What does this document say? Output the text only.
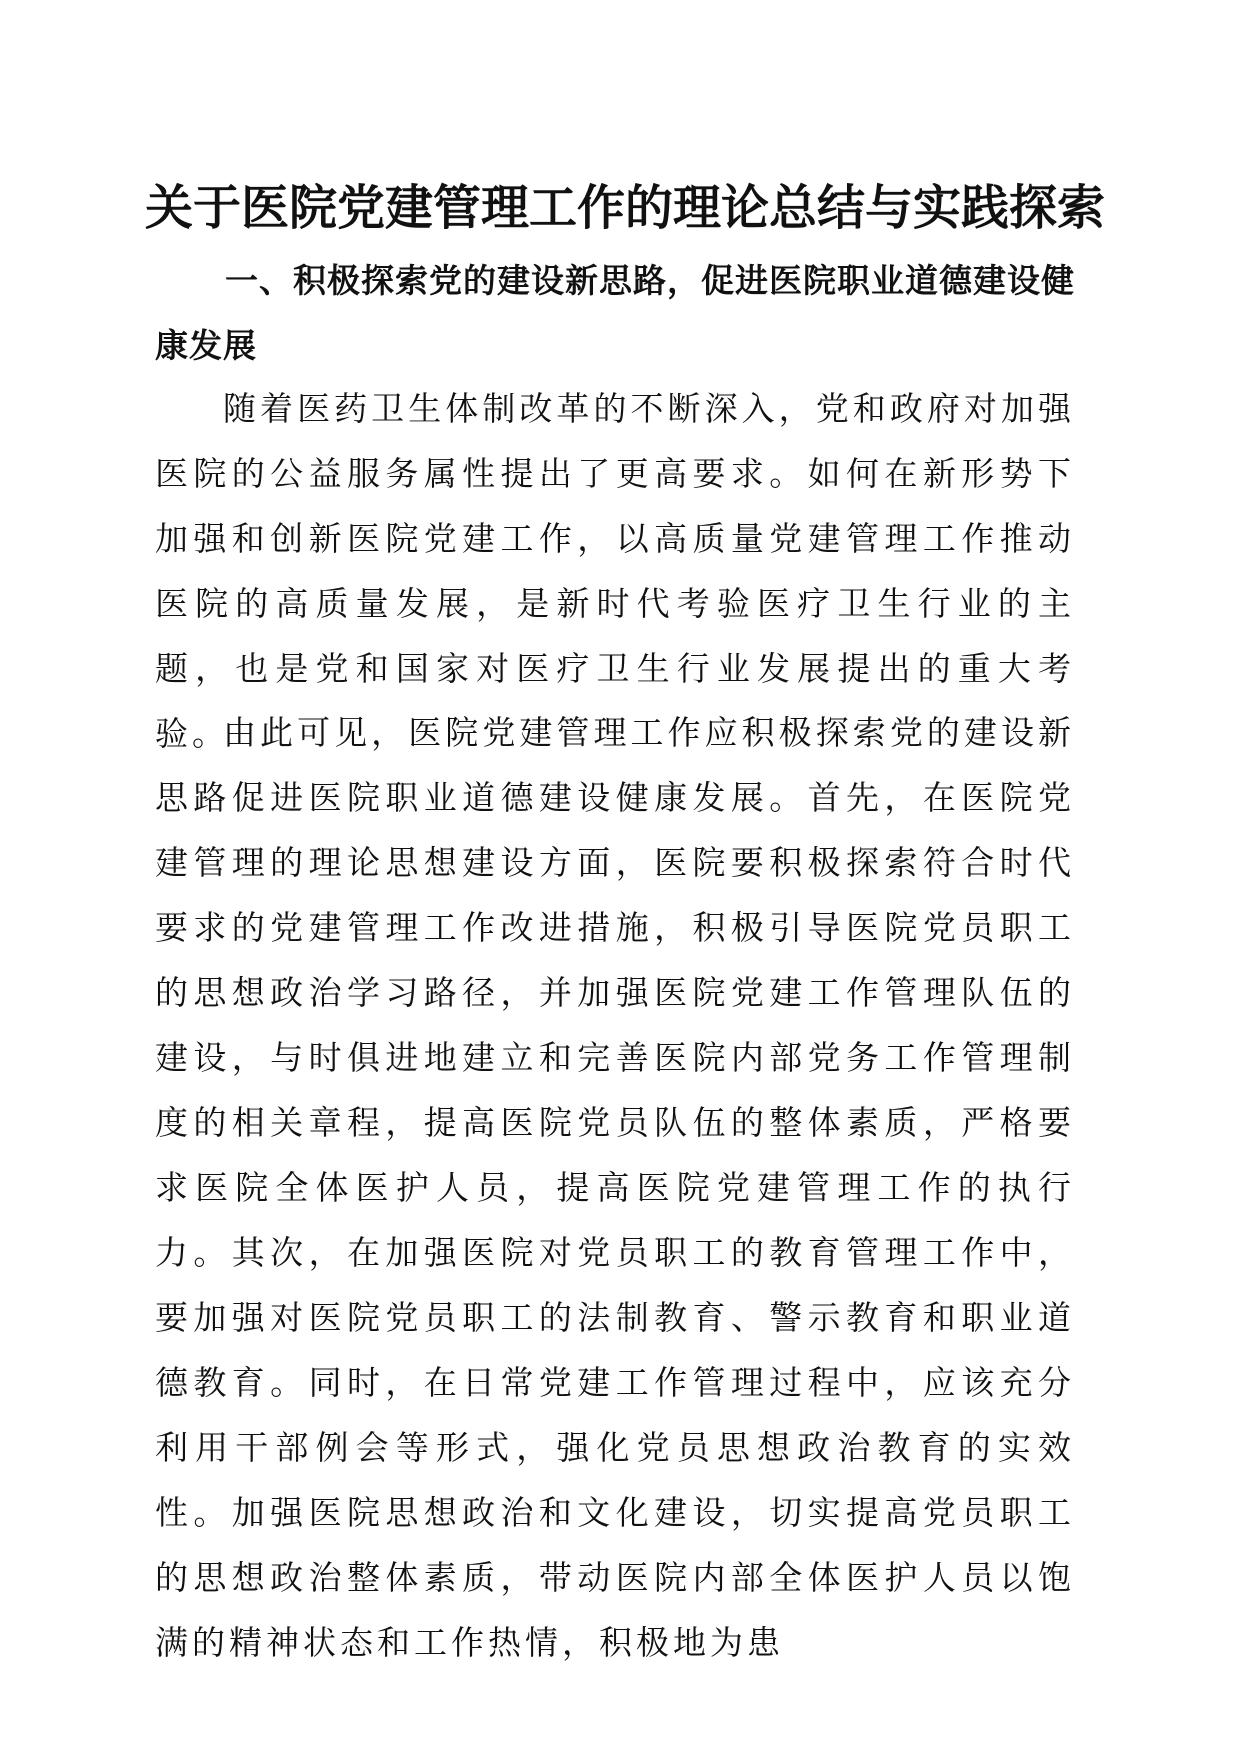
关于医院党建管理工作的理论总结与实践探索
一、积极探索党的建设新思路，促进医院职业道德建设健康发展

随着医药卫生体制改革的不断深入，党和政府对加强医院的公益服务属性提出了更高要求。如何在新形势下加强和创新医院党建工作，以高质量党建管理工作推动医院的高质量发展，是新时代考验医疗卫生行业的主题，也是党和国家对医疗卫生行业发展提出的重大考验。

由此可见，医院党建管理工作应积极探索党的建设新思路促进医院职业道德建设健康发展。首先，在医院党建管理的理论思想建设方面，医院要积极探索符合时代要求的党建管理工作改进措施，积极引导医院党员职工的思想政治学习路径，并加强医院党建工作管理队伍的建设，与时俱进地建立和完善医院内部党务工作管理制度的相关章程，提高医院党员队伍的整体素质，严格要求医院全体医护人员，提高医院党建管理工作的执行力。其次，在加强医院对党员职工的教育管理工作中，要加强对医院党员职工的法制教育、警示教育和职业道德教育。同时，在日常党建工作管理过程中，应该充分利用干部例会等形式，强化党员思想政治教育的实效性。加强医院思想政治和文化建设，切实提高党员职工的思想政治整体素质，带动医院内部全体医护人员以饱满的精神状态和工作热情，积极地为患
